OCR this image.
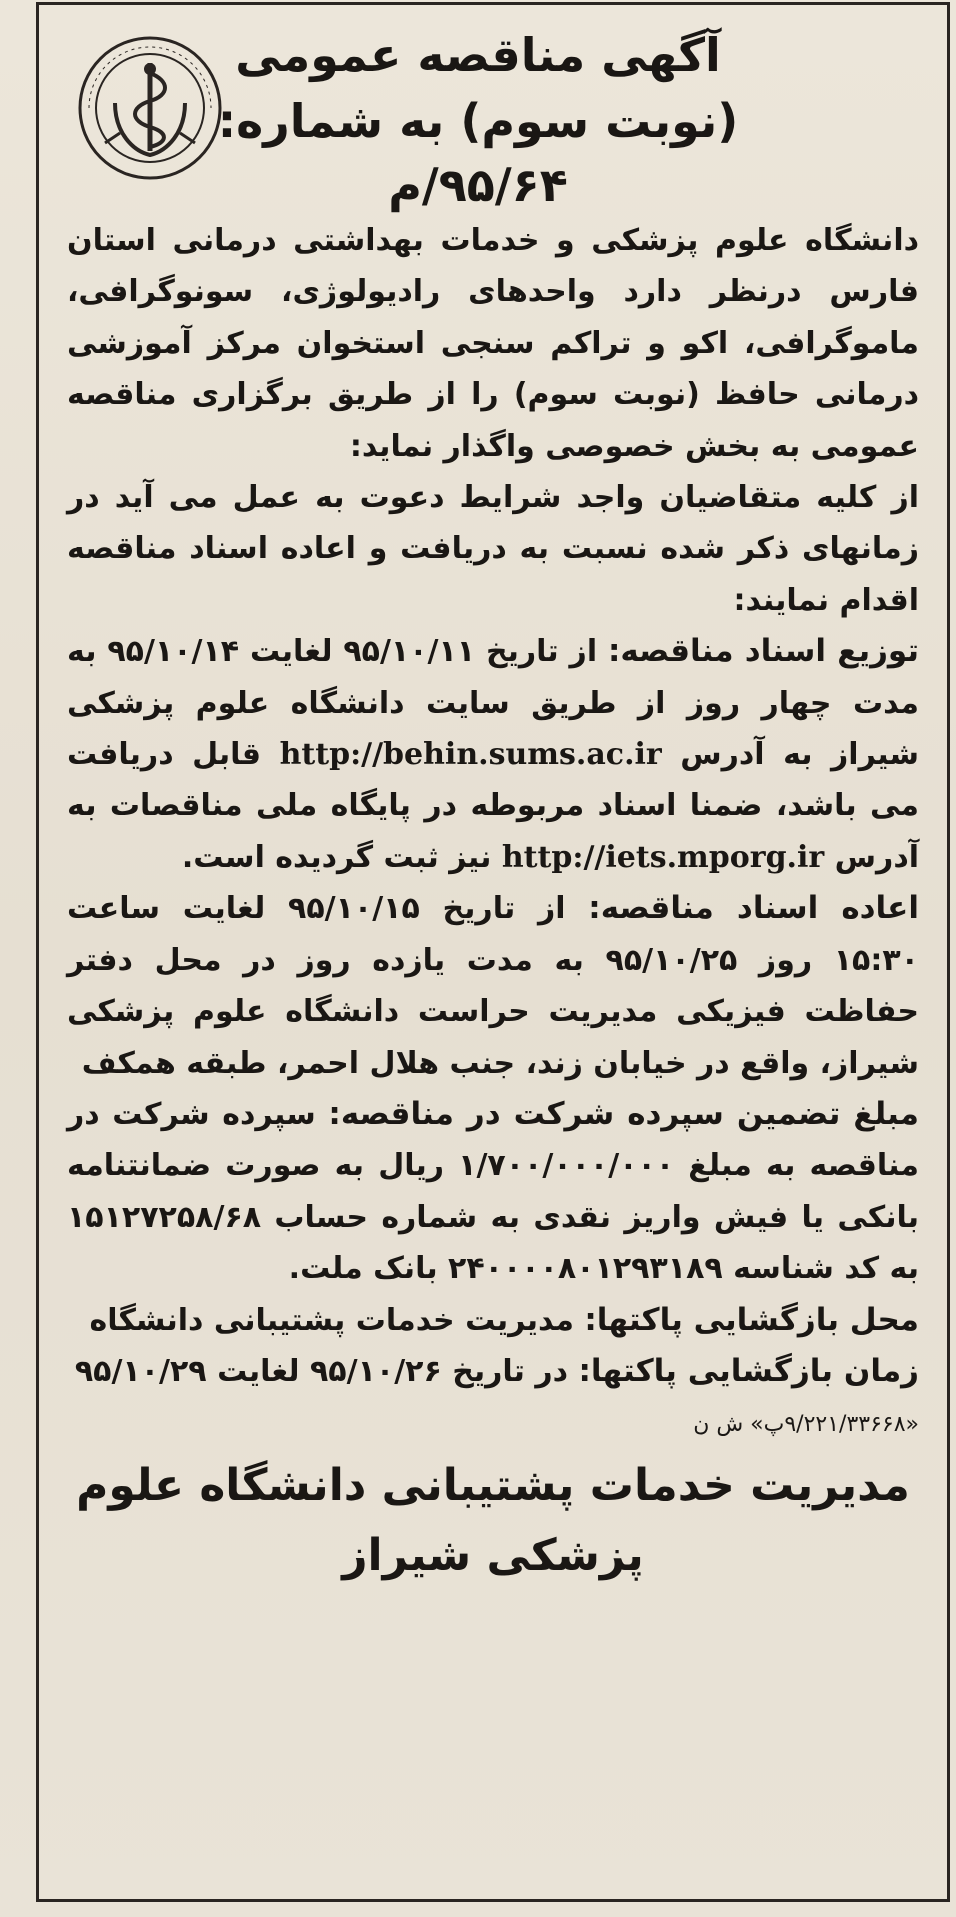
آگهی مناقصه عمومی
(نوبت سوم) به شماره: ۹۵/۶۴/م

دانشگاه علوم پزشکی و خدمات بهداشتی درمانی استان فارس درنظر دارد واحدهای رادیولوژی، سونوگرافی، ماموگرافی، اکو و تراکم سنجی استخوان مرکز آموزشی درمانی حافظ (نوبت سوم) را از طریق برگزاری مناقصه عمومی به بخش خصوصی واگذار نماید:

از کلیه متقاضیان واجد شرایط دعوت به عمل می آید در زمانهای ذکر شده نسبت به دریافت و اعاده اسناد مناقصه اقدام نمایند:

توزیع اسناد مناقصه: از تاریخ ۹۵/۱۰/۱۱ لغایت ۹۵/۱۰/۱۴ به مدت چهار روز از طریق سایت دانشگاه علوم پزشکی شیراز به آدرس http://behin.sums.ac.ir قابل دریافت می باشد، ضمنا اسناد مربوطه در پایگاه ملی مناقصات به آدرس http://iets.mporg.ir نیز ثبت گردیده است.

اعاده اسناد مناقصه: از تاریخ ۹۵/۱۰/۱۵ لغایت ساعت ۱۵:۳۰ روز ۹۵/۱۰/۲۵ به مدت یازده روز در محل دفتر حفاظت فیزیکی مدیریت حراست دانشگاه علوم پزشکی شیراز، واقع در خیابان زند، جنب هلال احمر، طبقه همکف

مبلغ تضمین سپرده شرکت در مناقصه: سپرده شرکت در مناقصه به مبلغ ۱/۷۰۰/۰۰۰/۰۰۰ ریال به صورت ضمانتنامه بانکی یا فیش واریز نقدی به شماره حساب ۱۵۱۲۷۲۵۸/۶۸ به کد شناسه ۲۴۰۰۰۰۸۰۱۲۹۳۱۸۹ بانک ملت.

محل بازگشایی پاکتها: مدیریت خدمات پشتیبانی دانشگاه

زمان بازگشایی پاکتها: در تاریخ ۹۵/۱۰/۲۶ لغایت ۹۵/۱۰/۲۹

«۹/۲۲۱/۳۳۶۶۸پ» ش ن
مدیریت خدمات پشتیبانی دانشگاه علوم
پزشکی شیراز
